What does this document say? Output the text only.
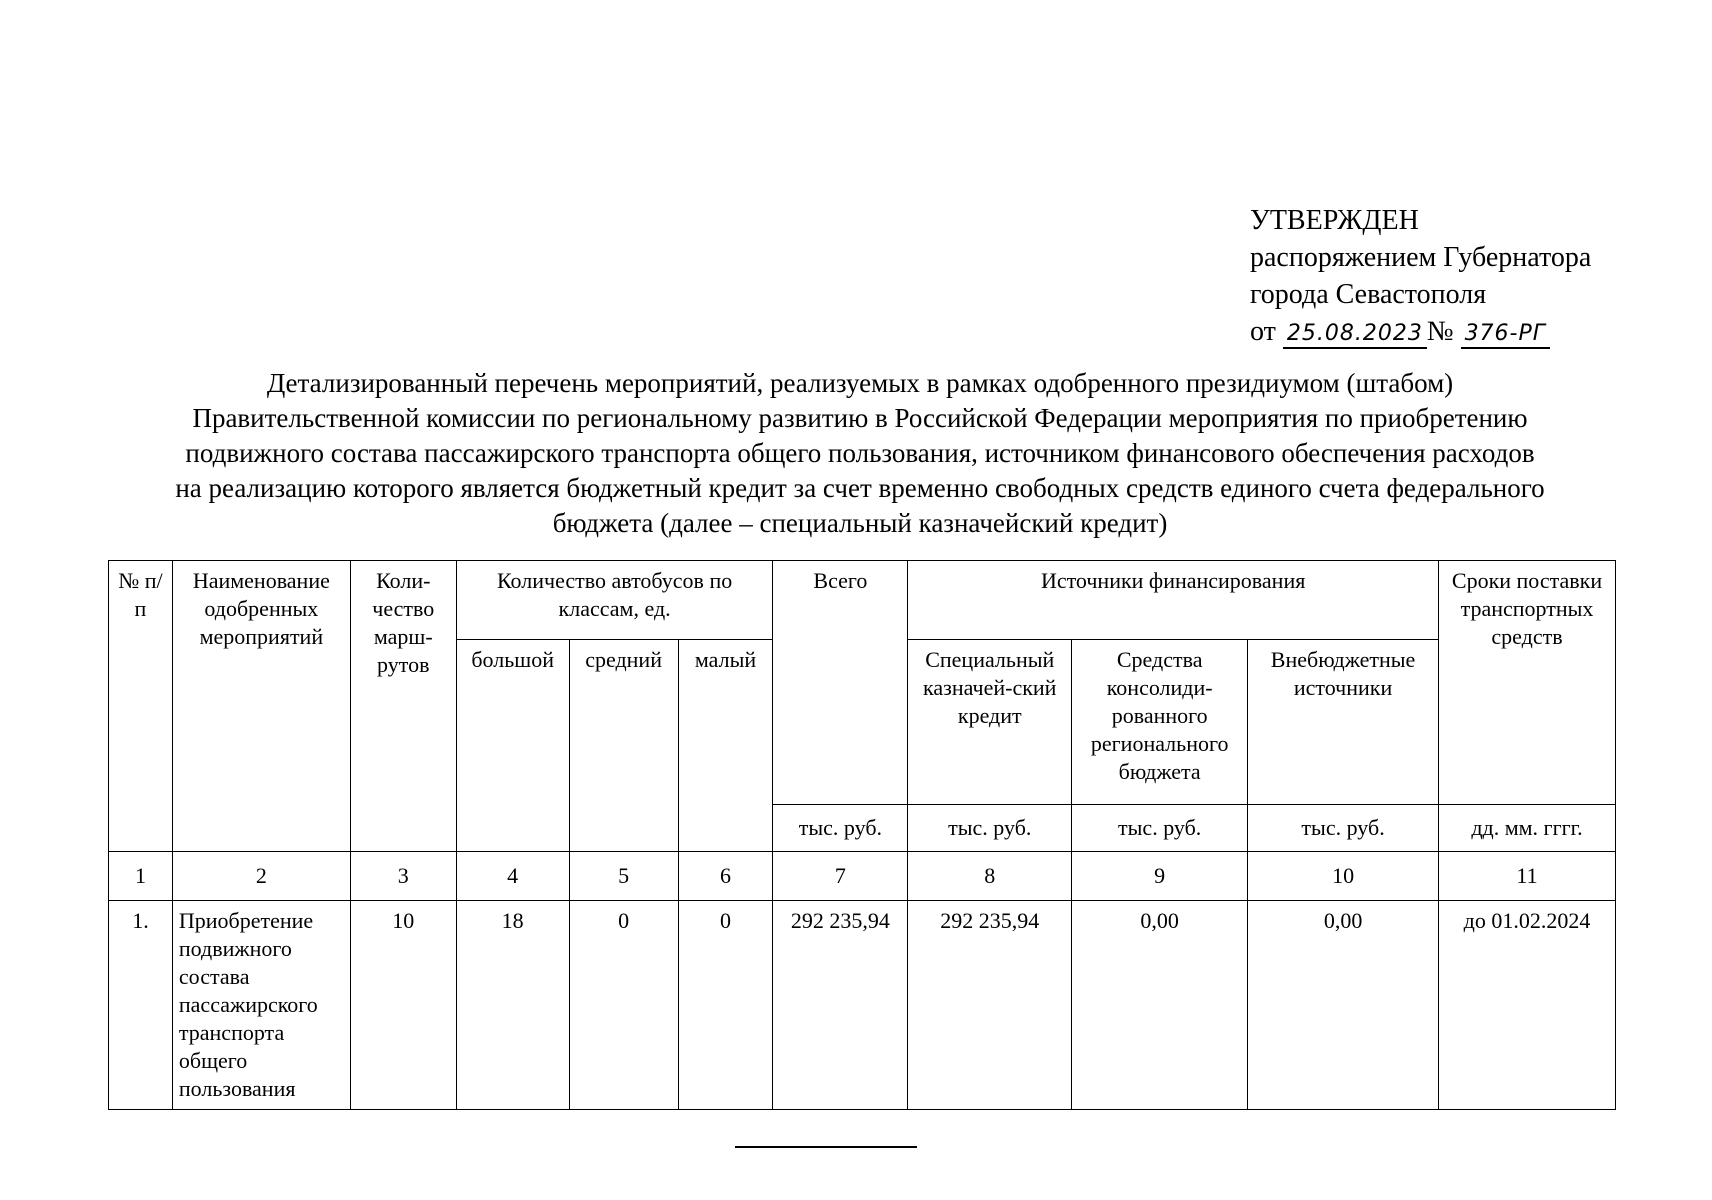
УТВЕРЖДЕН
распоряжением Губернатора
города Севастополя
от 25.08.2023 № 376-РГ
Детализированный перечень мероприятий, реализуемых в рамках одобренного президиумом (штабом)
Правительственной комиссии по региональному развитию в Российской Федерации мероприятия по приобретению
подвижного состава пассажирского транспорта общего пользования, источником финансового обеспечения расходов
на реализацию которого является бюджетный кредит за счет временно свободных средств единого счета федерального
бюджета (далее – специальный казначейский кредит)
№ п/п	Наименование одобренных мероприятий	Коли-чество марш-рутов	Количество автобусов по классам, ед.			Всего	Источники финансирования			Сроки поставки транспортных средств
			большой	средний	малый		Специальный казначей-ский кредит	Средства консолиди-рованного регионального бюджета	Внебюджетные источники	
						тыс. руб.	тыс. руб.	тыс. руб.	тыс. руб.	дд. мм. гггг.
1	2	3	4	5	6	7	8	9	10	11
1.	Приобретение подвижного состава пассажирского транспорта общего пользования	10	18	0	0	292 235,94	292 235,94	0,00	0,00	до 01.02.2024
